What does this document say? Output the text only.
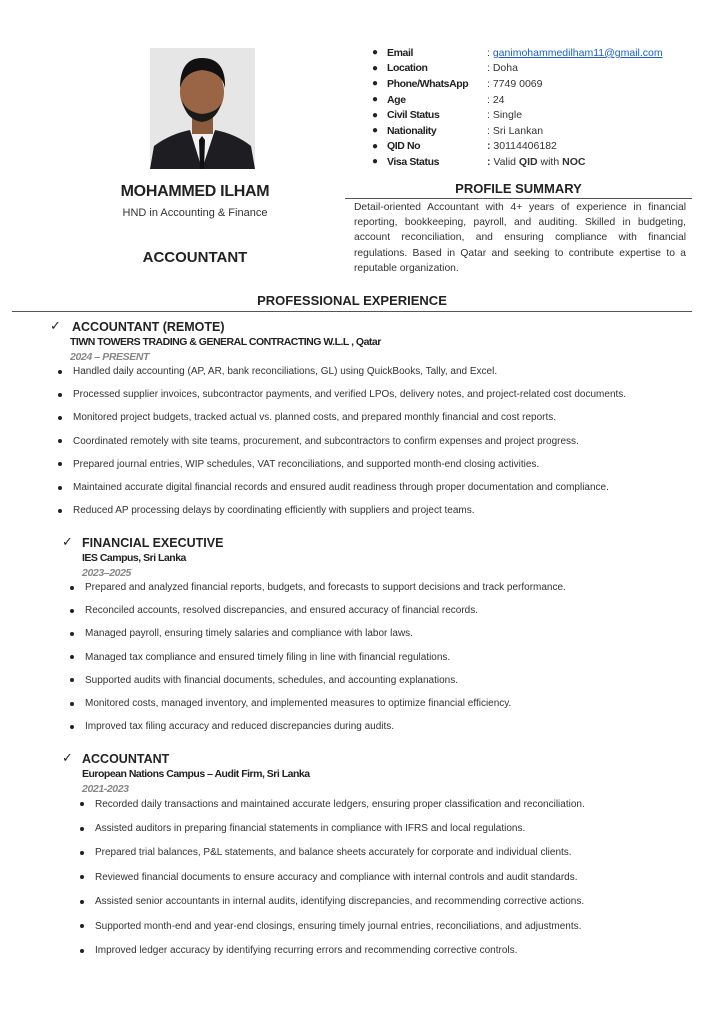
MOHAMMED ILHAM
HND in Accounting & Finance
ACCOUNTANT
● Email	: ganimohammedilham11@gmail.com
● Location	: Doha
● Phone/WhatsApp	: 7749 0069
● Age	: 24
● Civil Status	: Single
● Nationality	: Sri Lankan
● QID No	: 30114406182
● Visa Status	: Valid QID with NOC
PROFILE SUMMARY
Detail-oriented Accountant with 4+ years of experience in financial reporting, bookkeeping, payroll, and auditing. Skilled in budgeting, account reconciliation, and ensuring compliance with financial regulations. Based in Qatar and seeking to contribute expertise to a reputable organization.
PROFESSIONAL EXPERIENCE
✓ ACCOUNTANT (REMOTE)
TIWN TOWERS TRADING & GENERAL CONTRACTING W.L.L , Qatar
2024 – PRESENT
Handled daily accounting (AP, AR, bank reconciliations, GL) using QuickBooks, Tally, and Excel.
Processed supplier invoices, subcontractor payments, and verified LPOs, delivery notes, and project-related cost documents.
Monitored project budgets, tracked actual vs. planned costs, and prepared monthly financial and cost reports.
Coordinated remotely with site teams, procurement, and subcontractors to confirm expenses and project progress.
Prepared journal entries, WIP schedules, VAT reconciliations, and supported month-end closing activities.
Maintained accurate digital financial records and ensured audit readiness through proper documentation and compliance.
Reduced AP processing delays by coordinating efficiently with suppliers and project teams.
✓ FINANCIAL EXECUTIVE
IES Campus, Sri Lanka
2023–2025
Prepared and analyzed financial reports, budgets, and forecasts to support decisions and track performance.
Reconciled accounts, resolved discrepancies, and ensured accuracy of financial records.
Managed payroll, ensuring timely salaries and compliance with labor laws.
Managed tax compliance and ensured timely filing in line with financial regulations.
Supported audits with financial documents, schedules, and accounting explanations.
Monitored costs, managed inventory, and implemented measures to optimize financial efficiency.
Improved tax filing accuracy and reduced discrepancies during audits.
✓ ACCOUNTANT
European Nations Campus – Audit Firm, Sri Lanka
2021-2023
Recorded daily transactions and maintained accurate ledgers, ensuring proper classification and reconciliation.
Assisted auditors in preparing financial statements in compliance with IFRS and local regulations.
Prepared trial balances, P&L statements, and balance sheets accurately for corporate and individual clients.
Reviewed financial documents to ensure accuracy and compliance with internal controls and audit standards.
Assisted senior accountants in internal audits, identifying discrepancies, and recommending corrective actions.
Supported month-end and year-end closings, ensuring timely journal entries, reconciliations, and adjustments.
Improved ledger accuracy by identifying recurring errors and recommending corrective controls.
